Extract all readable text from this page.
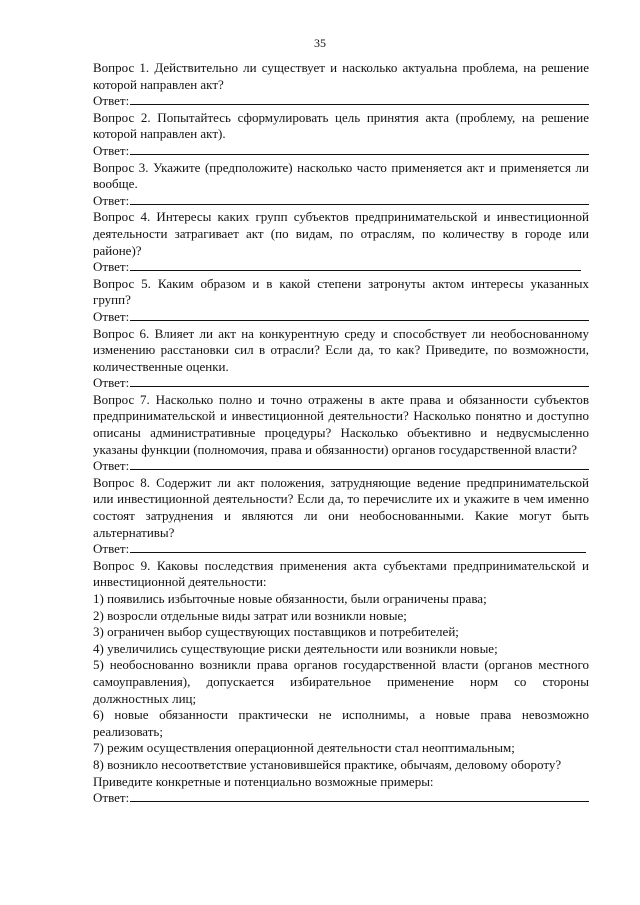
35

Вопрос 1. Действительно ли существует и насколько актуальна проблема, на решение которой направлен акт?

Ответ:

Вопрос 2. Попытайтесь сформулировать цель принятия акта (проблему, на решение которой направлен акт).

Ответ:

Вопрос 3. Укажите (предположите) насколько часто применяется акт и применяется ли вообще.

Ответ:

Вопрос 4. Интересы каких групп субъектов предпринимательской и инвестиционной деятельности затрагивает акт (по видам, по отраслям, по количеству в городе или районе)?

Ответ:

Вопрос 5. Каким образом и в какой степени затронуты актом интересы указанных групп?

Ответ:

Вопрос 6. Влияет ли акт на конкурентную среду и способствует ли необоснованному изменению расстановки сил в отрасли? Если да, то как? Приведите, по возможности, количественные оценки.

Ответ:

Вопрос 7. Насколько полно и точно отражены в акте права и обязанности субъектов предпринимательской и инвестиционной деятельности? Насколько понятно и доступно описаны административные процедуры? Насколько объективно и недвусмысленно указаны функции (полномочия, права и обязанности) органов государственной власти?

Ответ:

Вопрос 8. Содержит ли акт положения, затрудняющие ведение предпринимательской или инвестиционной деятельности? Если да, то перечислите их и укажите в чем именно состоят затруднения и являются ли они необоснованными. Какие могут быть альтернативы?

Ответ:

Вопрос 9. Каковы последствия применения акта субъектами предпринимательской и инвестиционной деятельности:

1) появились избыточные новые обязанности, были ограничены права;

2) возросли отдельные виды затрат или возникли новые;

3) ограничен выбор существующих поставщиков и потребителей;

4) увеличились существующие риски деятельности или возникли новые;

5) необоснованно возникли права органов государственной власти (органов местного самоуправления), допускается избирательное применение норм со стороны должностных лиц;

6) новые обязанности практически не исполнимы, а новые права невозможно реализовать;

7) режим осуществления операционной деятельности стал неоптимальным;

8) возникло несоответствие установившейся практике, обычаям, деловому обороту?

Приведите конкретные и потенциально возможные примеры:

Ответ:
